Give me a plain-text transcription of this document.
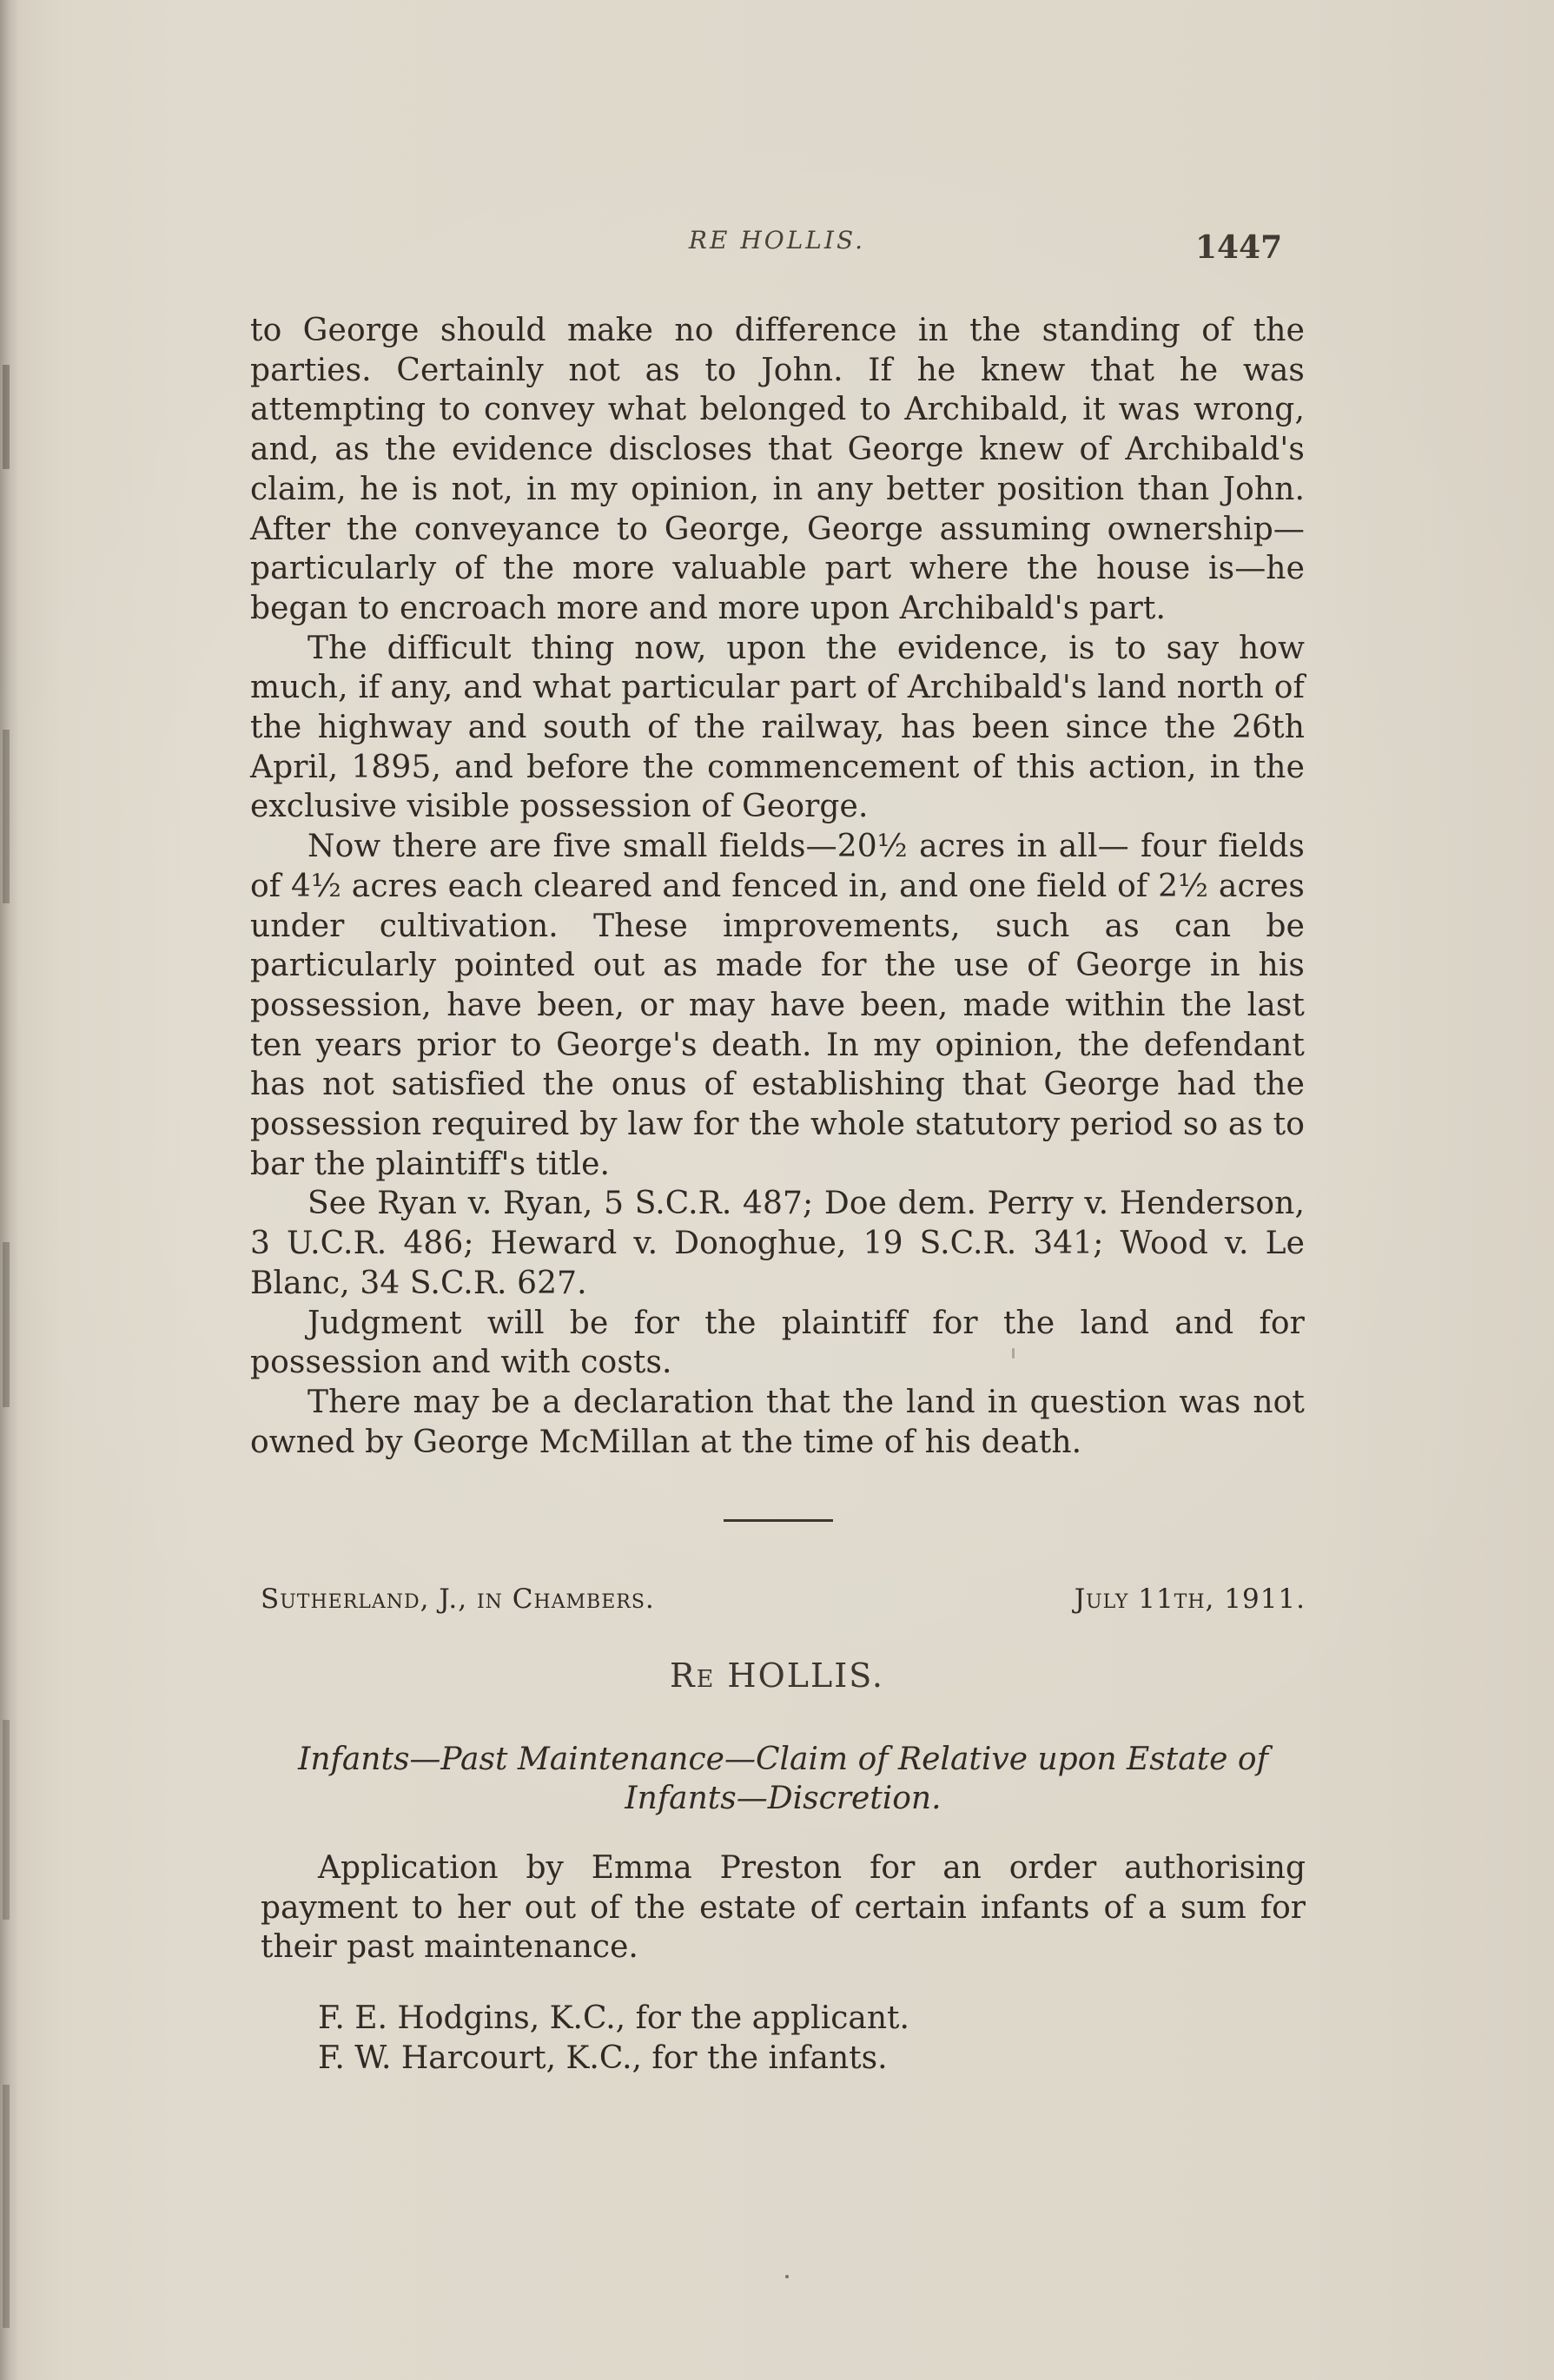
RE HOLLIS.	1447

to George should make no difference in the standing of the parties. Certainly not as to John. If he knew that he was attempting to convey what belonged to Archibald, it was wrong, and, as the evidence discloses that George knew of Archibald's claim, he is not, in my opinion, in any better position than John. After the conveyance to George, George assuming ownership—particularly of the more valuable part where the house is—he began to encroach more and more upon Archibald's part.

The difficult thing now, upon the evidence, is to say how much, if any, and what particular part of Archibald's land north of the highway and south of the railway, has been since the 26th April, 1895, and before the commencement of this action, in the exclusive visible possession of George.

Now there are five small fields—20½ acres in all— four fields of 4½ acres each cleared and fenced in, and one field of 2½ acres under cultivation. These improvements, such as can be particularly pointed out as made for the use of George in his possession, have been, or may have been, made within the last ten years prior to George's death. In my opinion, the defendant has not satisfied the onus of establishing that George had the possession required by law for the whole statutory period so as to bar the plaintiff's title.

See Ryan v. Ryan, 5 S.C.R. 487; Doe dem. Perry v. Henderson, 3 U.C.R. 486; Heward v. Donoghue, 19 S.C.R. 341; Wood v. Le Blanc, 34 S.C.R. 627.

Judgment will be for the plaintiff for the land and for possession and with costs.

There may be a declaration that the land in question was not owned by George McMillan at the time of his death.

Sutherland, J., in Chambers.	July 11th, 1911.
Re HOLLIS.
Infants—Past Maintenance—Claim of Relative upon Estate of Infants—Discretion.
Application by Emma Preston for an order authorising payment to her out of the estate of certain infants of a sum for their past maintenance.
F. E. Hodgins, K.C., for the applicant.
F. W. Harcourt, K.C., for the infants.
